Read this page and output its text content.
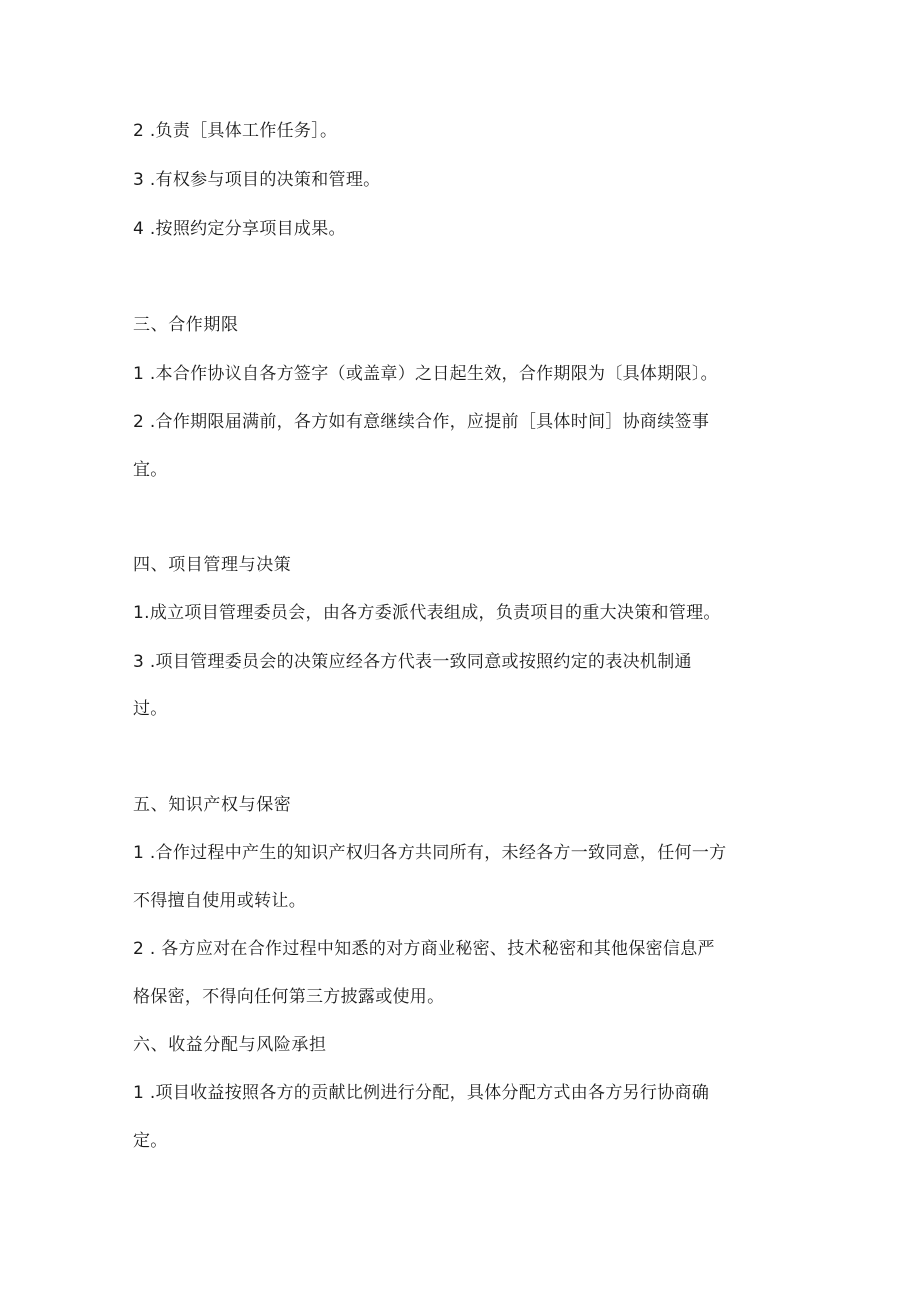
2 .负责［具体工作任务］。
3 .有权参与项目的决策和管理。
4 .按照约定分享项目成果。
三、合作期限
1 .本合作协议自各方签字（或盖章）之日起生效，合作期限为〔具体期限〕。
2 .合作期限届满前，各方如有意继续合作，应提前［具体时间］协商续签事
宜。
四、项目管理与决策
1.成立项目管理委员会，由各方委派代表组成，负责项目的重大决策和管理。
3 .项目管理委员会的决策应经各方代表一致同意或按照约定的表决机制通
过。
五、知识产权与保密
1 .合作过程中产生的知识产权归各方共同所有，未经各方一致同意，任何一方
不得擅自使用或转让。
2 . 各方应对在合作过程中知悉的对方商业秘密、技术秘密和其他保密信息严
格保密，不得向任何第三方披露或使用。
六、收益分配与风险承担
1 .项目收益按照各方的贡献比例进行分配，具体分配方式由各方另行协商确
定。
